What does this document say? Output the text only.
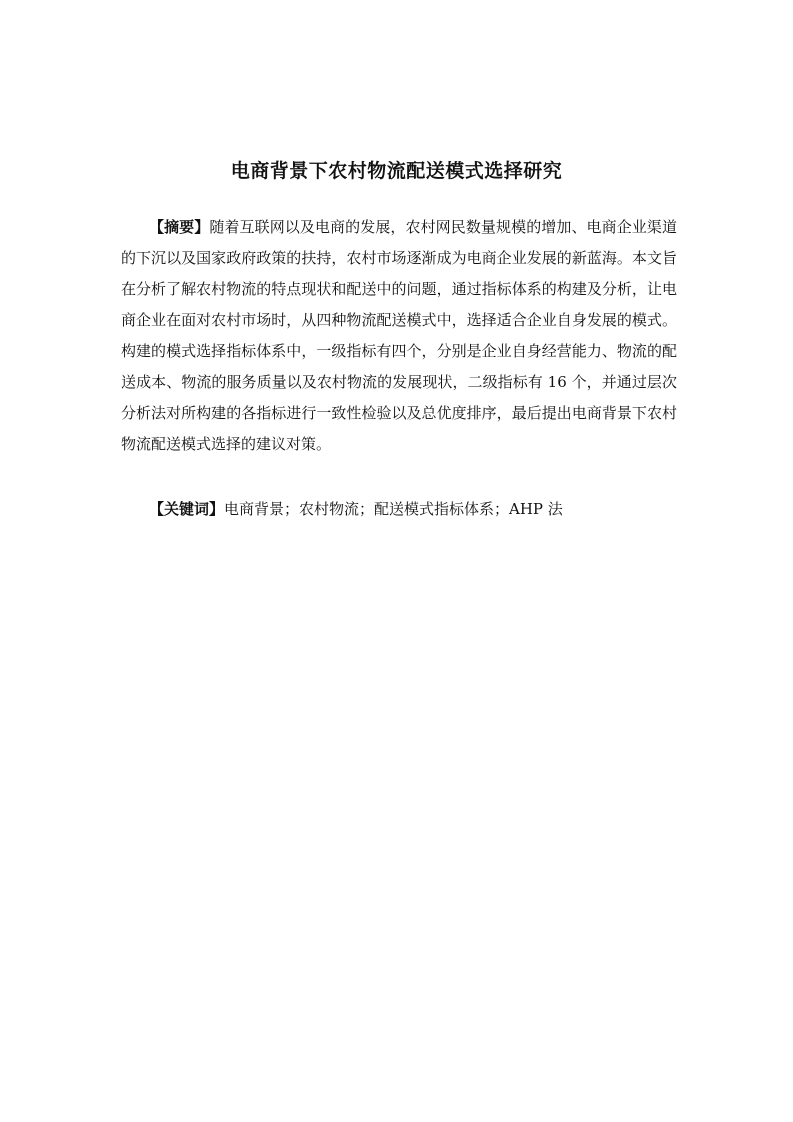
电商背景下农村物流配送模式选择研究

【摘要】随着互联网以及电商的发展，农村网民数量规模的增加、电商企业渠道的下沉以及国家政府政策的扶持，农村市场逐渐成为电商企业发展的新蓝海。本文旨在分析了解农村物流的特点现状和配送中的问题，通过指标体系的构建及分析，让电商企业在面对农村市场时，从四种物流配送模式中，选择适合企业自身发展的模式。构建的模式选择指标体系中，一级指标有四个，分别是企业自身经营能力、物流的配送成本、物流的服务质量以及农村物流的发展现状，二级指标有 16 个，并通过层次分析法对所构建的各指标进行一致性检验以及总优度排序，最后提出电商背景下农村物流配送模式选择的建议对策。

【关键词】电商背景；农村物流；配送模式指标体系；AHP 法
